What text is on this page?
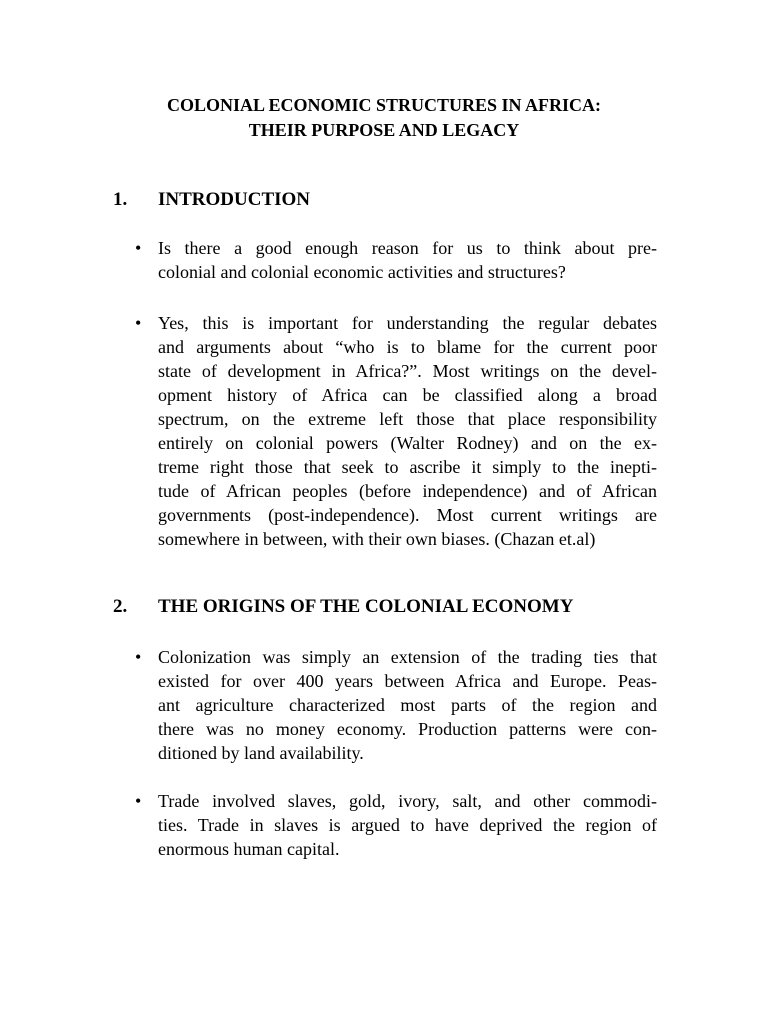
COLONIAL ECONOMIC STRUCTURES IN AFRICA:
THEIR PURPOSE AND LEGACY
1. INTRODUCTION
• Is there a good enough reason for us to think about pre-
colonial and colonial economic activities and structures?
• Yes, this is important for understanding the regular debates
and arguments about “who is to blame for the current poor
state of development in Africa?”. Most writings on the devel-
opment history of Africa can be classified along a broad
spectrum, on the extreme left those that place responsibility
entirely on colonial powers (Walter Rodney) and on the ex-
treme right those that seek to ascribe it simply to the inepti-
tude of African peoples (before independence) and of African
governments (post-independence). Most current writings are
somewhere in between, with their own biases. (Chazan et.al)
2. THE ORIGINS OF THE COLONIAL ECONOMY
• Colonization was simply an extension of the trading ties that
existed for over 400 years between Africa and Europe. Peas-
ant agriculture characterized most parts of the region and
there was no money economy. Production patterns were con-
ditioned by land availability.
• Trade involved slaves, gold, ivory, salt, and other commodi-
ties. Trade in slaves is argued to have deprived the region of
enormous human capital.
